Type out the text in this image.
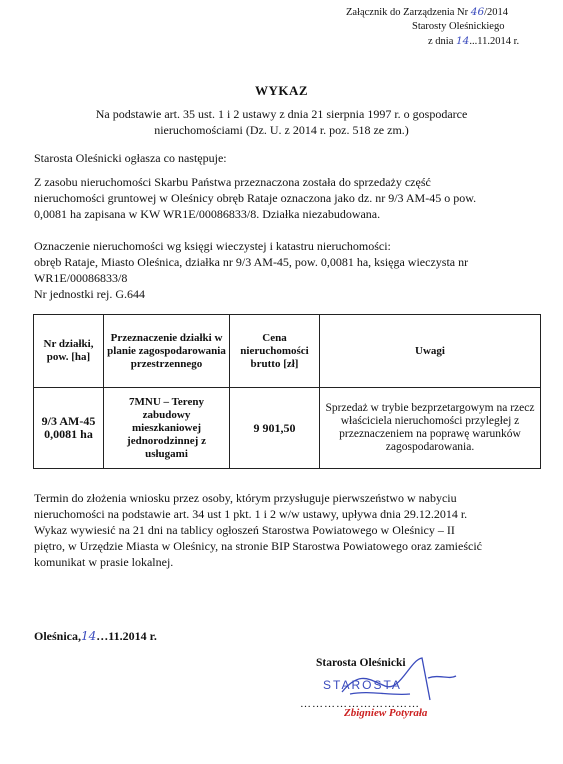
Załącznik do Zarządzenia Nr 46/2014
Starosty Oleśnickiego
z dnia 14...11.2014 r.
WYKAZ
Na podstawie art. 35 ust. 1 i 2 ustawy z dnia 21 sierpnia 1997 r. o gospodarce
nieruchomościami (Dz. U. z 2014 r. poz. 518 ze zm.)
Starosta Oleśnicki ogłasza co następuje:
Z zasobu nieruchomości Skarbu Państwa przeznaczona została do sprzedaży część
nieruchomości gruntowej w Oleśnicy obręb Rataje oznaczona jako dz. nr 9/3 AM-45 o pow.
0,0081 ha zapisana w KW WR1E/00086833/8. Działka niezabudowana.
Oznaczenie nieruchomości wg księgi wieczystej i katastru nieruchomości:
obręb Rataje, Miasto Oleśnica, działka nr 9/3 AM-45, pow. 0,0081 ha, księga wieczysta nr
WR1E/00086833/8
Nr jednostki rej. G.644
Nr działki, pow. [ha]	Przeznaczenie działki w planie zagospodarowania przestrzennego	Cena nieruchomości brutto [zł]	Uwagi
9/3 AM-45 0,0081 ha	7MNU – Tereny zabudowy mieszkaniowej jednorodzinnej z usługami	9 901,50	Sprzedaż w trybie bezprzetargowym na rzecz właściciela nieruchomości przyległej z przeznaczeniem na poprawę warunków zagospodarowania.
Termin do złożenia wniosku przez osoby, którym przysługuje pierwszeństwo w nabyciu
nieruchomości na podstawie art. 34 ust 1 pkt. 1 i 2 w/w ustawy, upływa dnia 29.12.2014 r.
Wykaz wywiesić na 21 dni na tablicy ogłoszeń Starostwa Powiatowego w Oleśnicy – II
piętro, w Urzędzie Miasta w Oleśnicy, na stronie BIP Starostwa Powiatowego oraz zamieścić
komunikat w prasie lokalnej.
Oleśnica,14…11.2014 r.
Starosta Oleśnicki
STAROSTA
…………………………
Zbigniew Potyrała
